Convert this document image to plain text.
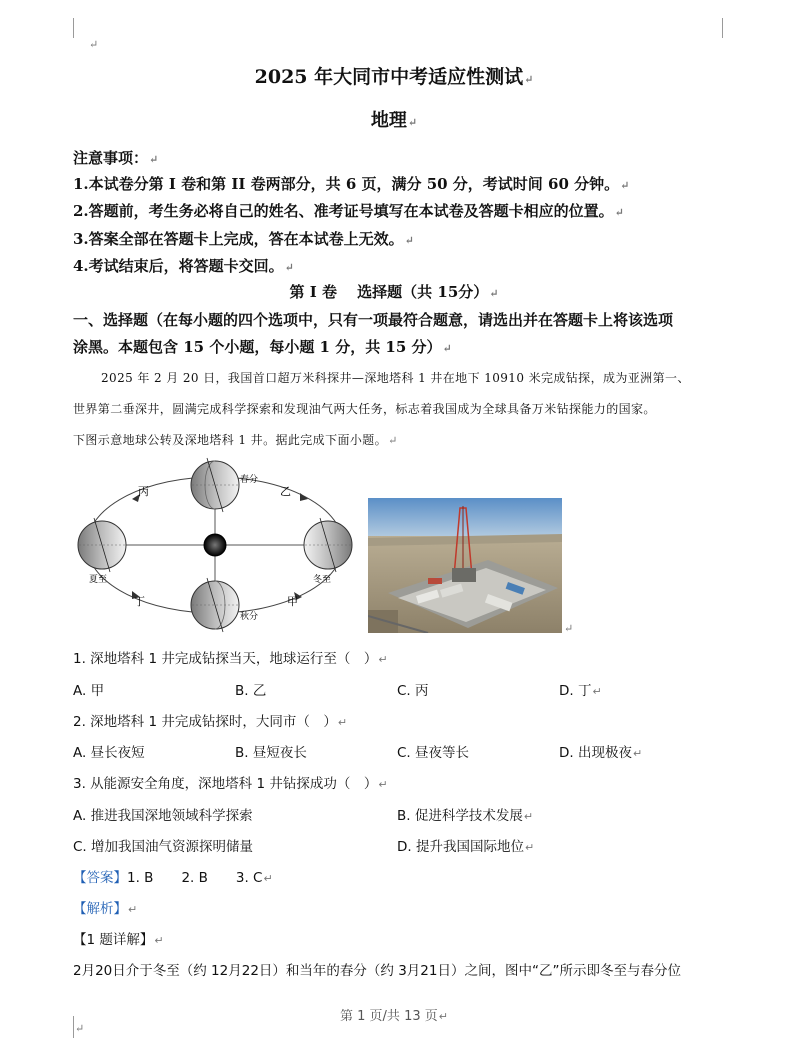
↵
2025 年大同市中考适应性测试↵
地理↵
注意事项：↵
1.本试卷分第 I 卷和第 II 卷两部分，共 6 页，满分 50 分，考试时间 60 分钟。↵
2.答题前，考生务必将自己的姓名、准考证号填写在本试卷及答题卡相应的位置。↵
3.答案全部在答题卡上完成，答在本试卷上无效。↵
4.考试结束后，将答题卡交回。↵
第 I 卷　 选择题（共 15分）↵
一、选择题（在每小题的四个选项中，只有一项最符合题意，请选出并在答题卡上将该选项
涂黑。本题包含 15 个小题，每小题 1 分，共 15 分）↵
2025 年 2 月 20 日，我国首口超万米科探井—深地塔科 1 井在地下 10910 米完成钻探，成为亚洲第一、
世界第二垂深井，圆满完成科学探索和发现油气两大任务，标志着我国成为全球具备万米钻探能力的国家。
下图示意地球公转及深地塔科 1 井。据此完成下面小题。↵
丙	乙
丁	甲
春分
夏至
秋分
冬至
↵
1. 深地塔科 1 井完成钻探当天，地球运行至（　）↵
A. 甲	B. 乙	C. 丙	D. 丁↵
2. 深地塔科 1 井完成钻探时，大同市（　）↵
A. 昼长夜短	B. 昼短夜长	C. 昼夜等长	D. 出现极夜↵
3. 从能源安全角度，深地塔科 1 井钻探成功（　）↵
A. 推进我国深地领域科学探索	B. 促进科学技术发展↵
C. 增加我国油气资源探明储量	D. 提升我国国际地位↵
【答案】1. B 2. B 3. C↵
【解析】↵
【1 题详解】↵
2月20日介于冬至（约 12月22日）和当年的春分（约 3月21日）之间，图中“乙”所示即冬至与春分位
第 1 页/共 13 页↵
↵
